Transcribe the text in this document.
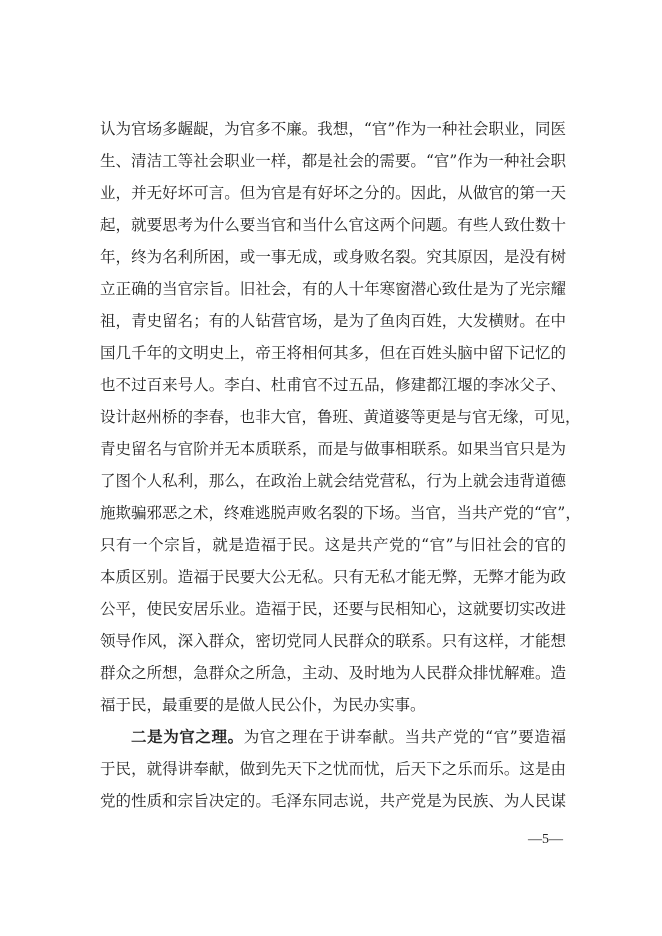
认为官场多龌龊，为官多不廉。我想，“官”作为一种社会职业，同医
生、清洁工等社会职业一样，都是社会的需要。“官”作为一种社会职
业，并无好坏可言。但为官是有好坏之分的。因此，从做官的第一天
起，就要思考为什么要当官和当什么官这两个问题。有些人致仕数十
年，终为名利所困，或一事无成，或身败名裂。究其原因，是没有树
立正确的当官宗旨。旧社会，有的人十年寒窗潜心致仕是为了光宗耀
祖，青史留名；有的人钻营官场，是为了鱼肉百姓，大发横财。在中
国几千年的文明史上，帝王将相何其多，但在百姓头脑中留下记忆的
也不过百来号人。李白、杜甫官不过五品，修建都江堰的李冰父子、
设计赵州桥的李春，也非大官，鲁班、黄道婆等更是与官无缘，可见，
青史留名与官阶并无本质联系，而是与做事相联系。如果当官只是为
了图个人私利，那么，在政治上就会结党营私，行为上就会违背道德
施欺骗邪恶之术，终难逃脱声败名裂的下场。当官，当共产党的“官”，
只有一个宗旨，就是造福于民。这是共产党的“官”与旧社会的官的
本质区别。造福于民要大公无私。只有无私才能无弊，无弊才能为政
公平，使民安居乐业。造福于民，还要与民相知心，这就要切实改进
领导作风，深入群众，密切党同人民群众的联系。只有这样，才能想
群众之所想，急群众之所急，主动、及时地为人民群众排忧解难。造
福于民，最重要的是做人民公仆，为民办实事。
二是为官之理。为官之理在于讲奉献。当共产党的“官”要造福
于民，就得讲奉献，做到先天下之忧而忧，后天下之乐而乐。这是由
党的性质和宗旨决定的。毛泽东同志说，共产党是为民族、为人民谋
—5—
